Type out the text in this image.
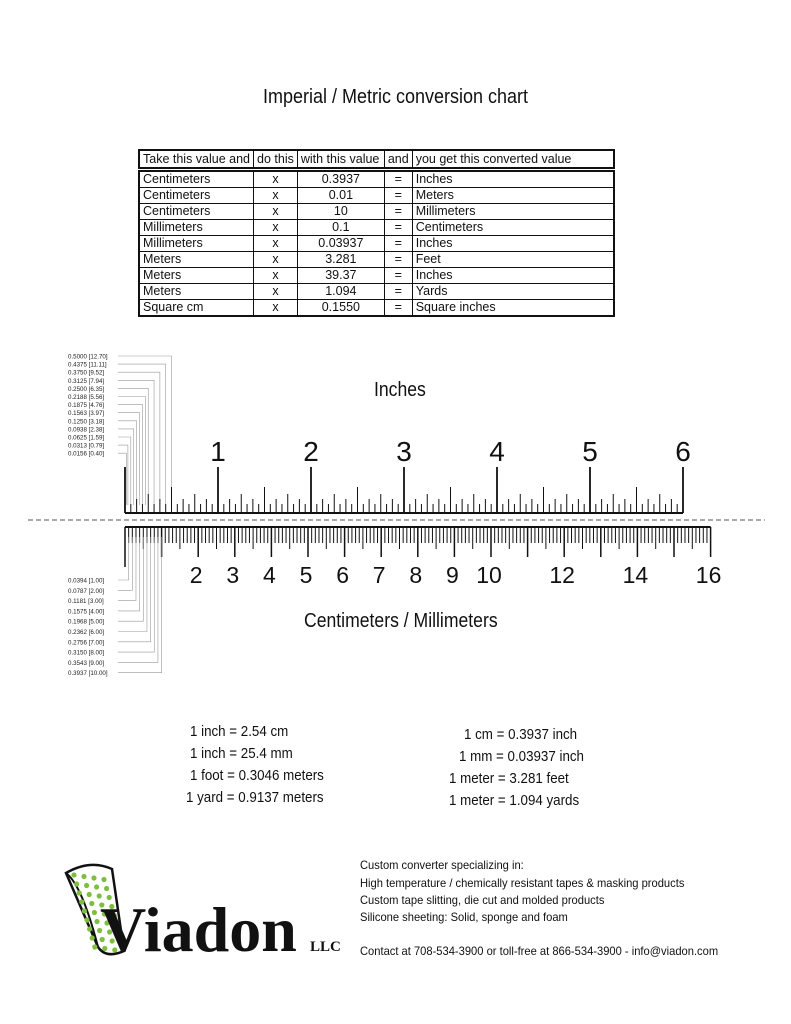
Imperial / Metric conversion chart
Take this value and	do this	with this value	and	you get this converted value
Centimeters	x	0.3937	=	Inches
Centimeters	x	0.01	=	Meters
Centimeters	x	10	=	Millimeters
Millimeters	x	0.1	=	Centimeters
Millimeters	x	0.03937	=	Inches
Meters	x	3.281	=	Feet
Meters	x	39.37	=	Inches
Meters	x	1.094	=	Yards
Square cm	x	0.1550	=	Square inches
0.5000 [12.70]
0.4375 [11.11]
0.3750 [9.52]
0.3125 [7.94]
0.2500 [6.35]
0.2188 [5.56]
0.1875 [4.76]
0.1563 [3.97]
0.1250 [3.18]
0.0938 [2.38]
0.0625 [1.59]
0.0313 [0.79]
0.0156 [0.40]	1	2	3	4	5	6
2 3 4 5 6 7 8 9 10 12 14 16
0.0394 [1.00]
0.0787 [2.00]
0.1181 [3.00]
0.1575 [4.00]
0.1968 [5.00]
0.2362 [6.00]
0.2756 [7.00]
0.3150 [8.00]
0.3543 [9.00]
0.3937 [10.00]
Inches
Centimeters / Millimeters
1 inch = 2.54 cm
1 inch = 25.4 mm
1 foot = 0.3046 meters
1 yard = 0.9137 meters
1 cm = 0.3937 inch
1 mm = 0.03937 inch
1 meter = 3.281 feet
1 meter = 1.094 yards
Viadon LLC
Custom converter specializing in:
High temperature / chemically resistant tapes & masking products
Custom tape slitting, die cut and molded products
Silicone sheeting: Solid, sponge and foam
Contact at 708-534-3900 or toll-free at 866-534-3900 - info@viadon.com
